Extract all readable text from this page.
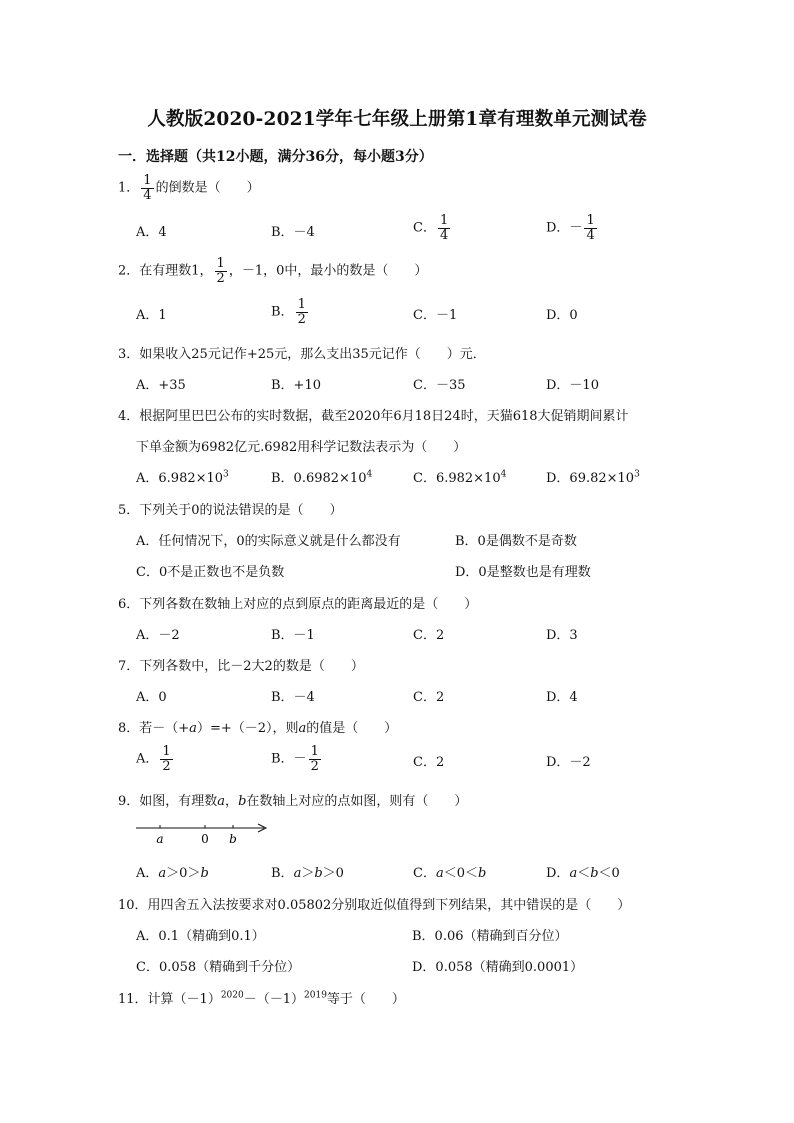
人教版2020-2021学年七年级上册第1章有理数单元测试卷
一．选择题（共12小题，满分36分，每小题3分）
1． $\frac{1}{4}$ 的倒数是（　　）
A．4	B．－4	C． $\frac{1}{4}$	D．－ $\frac{1}{4}$
2．在有理数1， $\frac{1}{2}$ ，－1，0中，最小的数是（　　）
A．1	B． $\frac{1}{2}$	C．－1	D．0
3．如果收入25元记作+25元，那么支出35元记作（　　）元．
A．+35	B．+10	C．－35	D．－10
4．根据阿里巴巴公布的实时数据，截至2020年6月18日24时，天猫618大促销期间累计
下单金额为6982亿元.6982用科学记数法表示为（　　）
A．$6.982\times 10^3$	B．$0.6982\times 10^4$	C．$6.982\times 10^4$	D．$69.82\times 10^3$
5．下列关于0的说法错误的是（　　）
A．任何情况下，0的实际意义就是什么都没有	B．0是偶数不是奇数
C．0不是正数也不是负数	D．0是整数也是有理数
6．下列各数在数轴上对应的点到原点的距离最近的是（　　）
A．－2	B．－1	C．2	D．3
7．下列各数中，比－2大2的数是（　　）
A．0	B．－4	C．2	D．4
8．若－（+a）=+（－2），则a的值是（　　）
A． $\frac{1}{2}$	B．－ $\frac{1}{2}$	C．2	D．－2
9．如图，有理数a，b在数轴上对应的点如图，则有（　　）
a	0 b
A．a＞0＞b	B．a＞b＞0	C．a＜0＜b	D．a＜b＜0
10．用四舍五入法按要求对0.05802分别取近似值得到下列结果，其中错误的是（　　）
A．0.1（精确到0.1）	B．0.06（精确到百分位）
C．0.058（精确到千分位）	D．0.058（精确到0.0001）
11．计算$(-1)^{2020}-(-1)^{2019}$等于（　　）
